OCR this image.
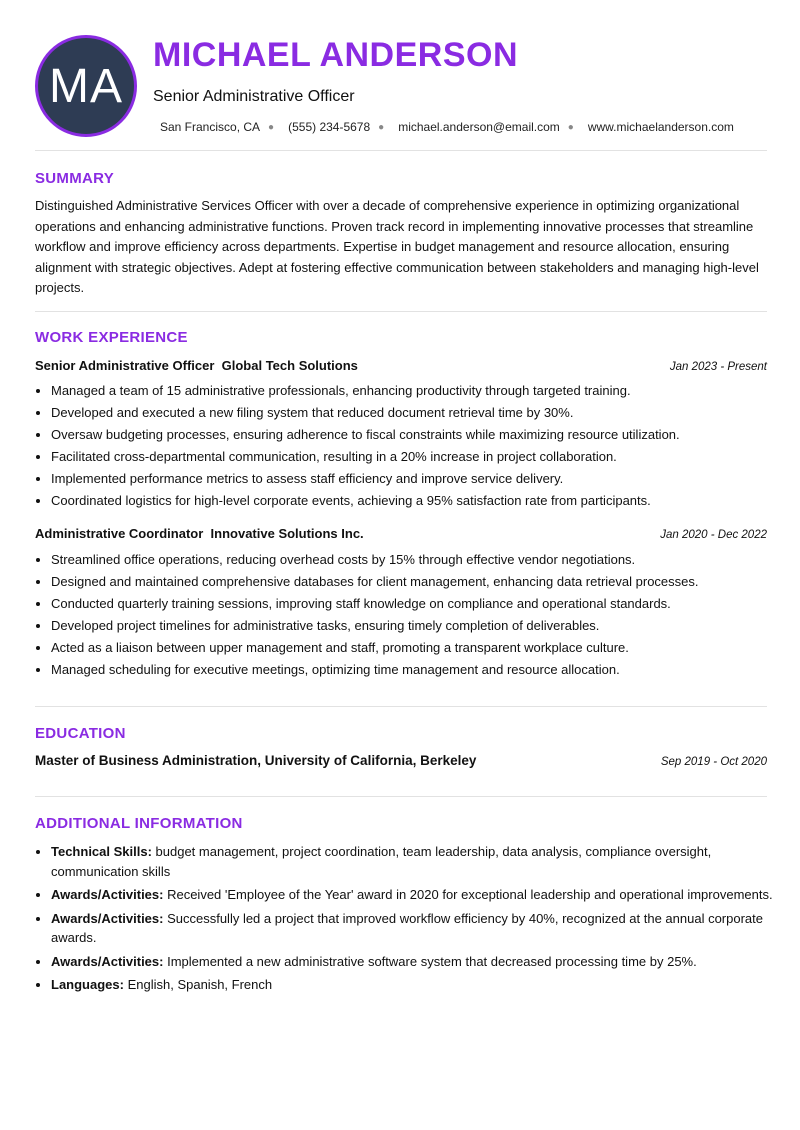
MA
MICHAEL ANDERSON
Senior Administrative Officer
San Francisco, CA ● (555) 234-5678 ● michael.anderson@email.com ● www.michaelanderson.com
SUMMARY

Distinguished Administrative Services Officer with over a decade of comprehensive experience in optimizing organizational operations and enhancing administrative functions. Proven track record in implementing innovative processes that streamline workflow and improve efficiency across departments. Expertise in budget management and resource allocation, ensuring alignment with strategic objectives. Adept at fostering effective communication between stakeholders and managing high-level projects.

WORK EXPERIENCE
Senior Administrative Officer Global Tech Solutions	Jan 2023 - Present
• Managed a team of 15 administrative professionals, enhancing productivity through targeted training.
• Developed and executed a new filing system that reduced document retrieval time by 30%.
• Oversaw budgeting processes, ensuring adherence to fiscal constraints while maximizing resource utilization.
• Facilitated cross-departmental communication, resulting in a 20% increase in project collaboration.
• Implemented performance metrics to assess staff efficiency and improve service delivery.
• Coordinated logistics for high-level corporate events, achieving a 95% satisfaction rate from participants.
Administrative Coordinator Innovative Solutions Inc.	Jan 2020 - Dec 2022
• Streamlined office operations, reducing overhead costs by 15% through effective vendor negotiations.
• Designed and maintained comprehensive databases for client management, enhancing data retrieval processes.
• Conducted quarterly training sessions, improving staff knowledge on compliance and operational standards.
• Developed project timelines for administrative tasks, ensuring timely completion of deliverables.
• Acted as a liaison between upper management and staff, promoting a transparent workplace culture.
• Managed scheduling for executive meetings, optimizing time management and resource allocation.
EDUCATION
Master of Business Administration, University of California, Berkeley	Sep 2019 - Oct 2020
ADDITIONAL INFORMATION
• Technical Skills: budget management, project coordination, team leadership, data analysis, compliance oversight, communication skills
• Awards/Activities: Received 'Employee of the Year' award in 2020 for exceptional leadership and operational improvements.
• Awards/Activities: Successfully led a project that improved workflow efficiency by 40%, recognized at the annual corporate awards.
• Awards/Activities: Implemented a new administrative software system that decreased processing time by 25%.
• Languages: English, Spanish, French
